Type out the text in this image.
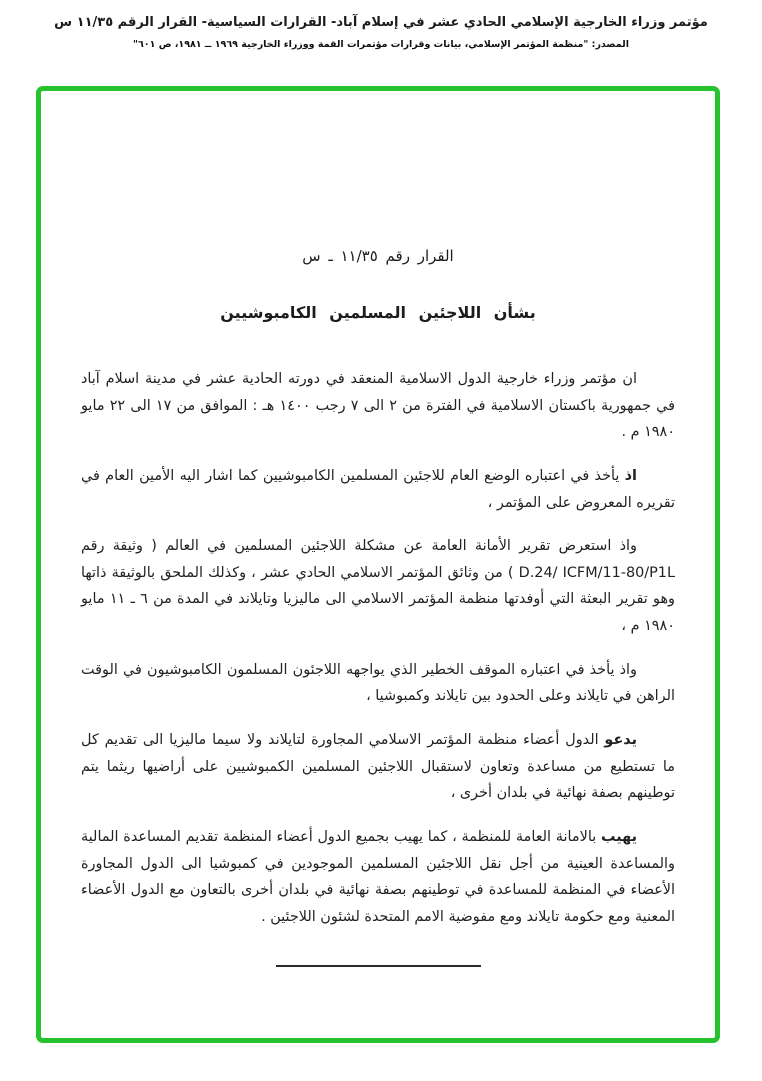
مؤتمر وزراء الخارجية الإسلامي الحادي عشر في إسلام آباد- القرارات السياسية- القرار الرقم ١١/٣٥ س
المصدر: "منظمة المؤتمر الإسلامي، بيانات وقرارات مؤتمرات القمة ووزراء الخارجية ١٩٦٩ ــ ١٩٨١، ص ٦٠١"

القرار رقم ١١/٣٥ ـ س

بشأن اللاجئين المسلمين الكامبوشيين

ان مؤتمر وزراء خارجية الدول الاسلامية المنعقد في دورته الحادية عشر في مدينة اسلام آباد في جمهورية باكستان الاسلامية في الفترة من ٢ الى ٧ رجب ١٤٠٠ هـ : الموافق من ١٧ الى ٢٢ مايو ١٩٨٠ م .

اذ يأخذ في اعتباره الوضع العام للاجئين المسلمين الكامبوشيين كما اشار اليه الأمين العام في تقريره المعروض على المؤتمر ،

واذ استعرض تقرير الأمانة العامة عن مشكلة اللاجئين المسلمين في العالم ( وثيقة رقم ICFM/11-80/P1L ‏/D.24 ) من وثائق المؤتمر الاسلامي الحادي عشر ، وكذلك الملحق بالوثيقة ذاتها وهو تقرير البعثة التي أوفدتها منظمة المؤتمر الاسلامي الى ماليزيا وتايلاند في المدة من ٦ ـ ١١ مايو ١٩٨٠ م ،

واذ يأخذ في اعتباره الموقف الخطير الذي يواجهه اللاجئون المسلمون الكامبوشيون في الوقت الراهن في تايلاند وعلى الحدود بين تايلاند وكمبوشيا ،

يدعو الدول أعضاء منظمة المؤتمر الاسلامي المجاورة لتايلاند ولا سيما ماليزيا الى تقديم كل ما تستطيع من مساعدة وتعاون لاستقبال اللاجئين المسلمين الكمبوشيين على أراضيها ريثما يتم توطينهم بصفة نهائية في بلدان أخرى ،

يهيب بالامانة العامة للمنظمة ، كما يهيب بجميع الدول أعضاء المنظمة تقديم المساعدة المالية والمساعدة العينية من أجل نقل اللاجئين المسلمين الموجودين في كمبوشيا الى الدول المجاورة الأعضاء في المنظمة للمساعدة في توطينهم بصفة نهائية في بلدان أخرى بالتعاون مع الدول الأعضاء المعنية ومع حكومة تايلاند ومع مفوضية الامم المتحدة لشئون اللاجئين .
